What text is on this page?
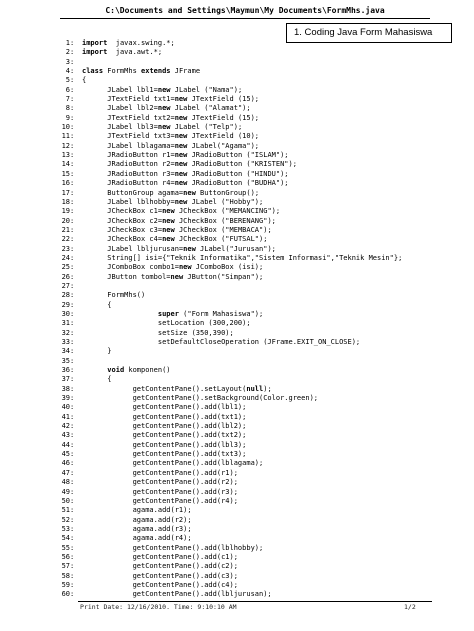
C:\Documents and Settings\Maymun\My Documents\FormMhs.java
1. Coding Java Form Mahasiswa
1 :	import  javax.swing.*;
2 :	import  java.awt.*;
3 :
4 :	class FormMhs extends JFrame
5 :	{
6 :	JLabel lbl1=new JLabel ("Nama");
7 :	JTextField txt1=new JTextField (15);
8 :	JLabel lbl2=new JLabel ("Alamat");
9 :	JTextField txt2=new JTextField (15);
10 :	JLabel lbl3=new JLabel ("Telp");
11 :	JTextField txt3=new JTextField (10);
12 :	JLabel lblagama=new JLabel("Agama");
13 :	JRadioButton r1=new JRadioButton ("ISLAM");
14 :	JRadioButton r2=new JRadioButton ("KRISTEN");
15 :	JRadioButton r3=new JRadioButton ("HINDU");
16 :	JRadioButton r4=new JRadioButton ("BUDHA");
17 :	ButtonGroup agama=new ButtonGroup();
18 :	JLabel lblhobby=new JLabel ("Hobby");
19 :	JCheckBox c1=new JCheckBox ("MEMANCING");
20 :	JCheckBox c2=new JCheckBox ("BERENANG");
21 :	JCheckBox c3=new JCheckBox ("MEMBACA");
22 :	JCheckBox c4=new JCheckBox ("FUTSAL");
23 :	JLabel lbljurusan=new JLabel("Jurusan");
24 :	String[] isi={"Teknik Informatika","Sistem Informasi","Teknik Mesin"};
25 :	JComboBox combo1=new JComboBox (isi);
26 :	JButton tombol=new JButton("Simpan");
27 :
28 :	FormMhs()
29 :	{
30 :	super ("Form Mahasiswa");
31 :	setLocation (300,200);
32 :	setSize (350,390);
33 :	setDefaultCloseOperation (JFrame.EXIT_ON_CLOSE);
34 :	}
35 :
36 :	void komponen()
37 :	{
38 :	getContentPane().setLayout(null);
39 :	getContentPane().setBackground(Color.green);
40 :	getContentPane().add(lbl1);
41 :	getContentPane().add(txt1);
42 :	getContentPane().add(lbl2);
43 :	getContentPane().add(txt2);
44 :	getContentPane().add(lbl3);
45 :	getContentPane().add(txt3);
46 :	getContentPane().add(lblagama);
47 :	getContentPane().add(r1);
48 :	getContentPane().add(r2);
49 :	getContentPane().add(r3);
50 :	getContentPane().add(r4);
51 :	agama.add(r1);
52 :	agama.add(r2);
53 :	agama.add(r3);
54 :	agama.add(r4);
55 :	getContentPane().add(lblhobby);
56 :	getContentPane().add(c1);
57 :	getContentPane().add(c2);
58 :	getContentPane().add(c3);
59 :	getContentPane().add(c4);
60 :	getContentPane().add(lbljurusan);
Print Date: 12/16/2010. Time: 9:10:10 AM	1/2
